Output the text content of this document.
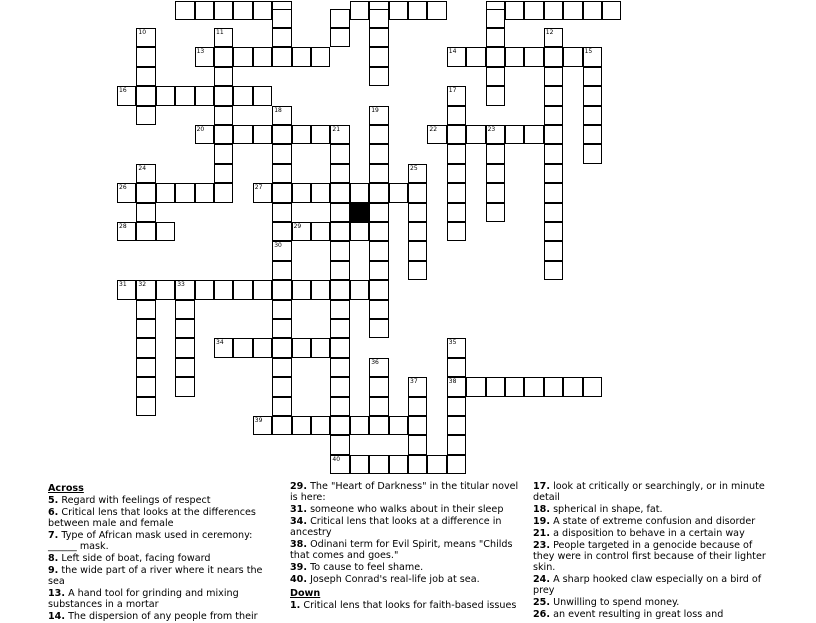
10	11	12
13	14	15
16	17
18	19
20	21	22	23
24	25
26	27
28	29
30
31 32	33
34	35
36
37	38
39
40
Across
5. Regard with feelings of respect
6. Critical lens that looks at the differences between male and female
7. Type of African mask used in ceremony: ______ mask.
8. Left side of boat, facing foward
9. the wide part of a river where it nears the sea
13. A hand tool for grinding and mixing substances in a mortar
14. The dispersion of any people from their
29. The "Heart of Darkness" in the titular novel is here:
31. someone who walks about in their sleep
34. Critical lens that looks at a difference in ancestry
38. Odinani term for Evil Spirit, means "Childs that comes and goes."
39. To cause to feel shame.
40. Joseph Conrad's real-life job at sea.
Down
1. Critical lens that looks for faith-based issues
17. look at critically or searchingly, or in minute detail
18. spherical in shape, fat.
19. A state of extreme confusion and disorder
21. a disposition to behave in a certain way
23. People targeted in a genocide because of they were in control first because of their lighter skin.
24. A sharp hooked claw especially on a bird of prey
25. Unwilling to spend money.
26. an event resulting in great loss and
